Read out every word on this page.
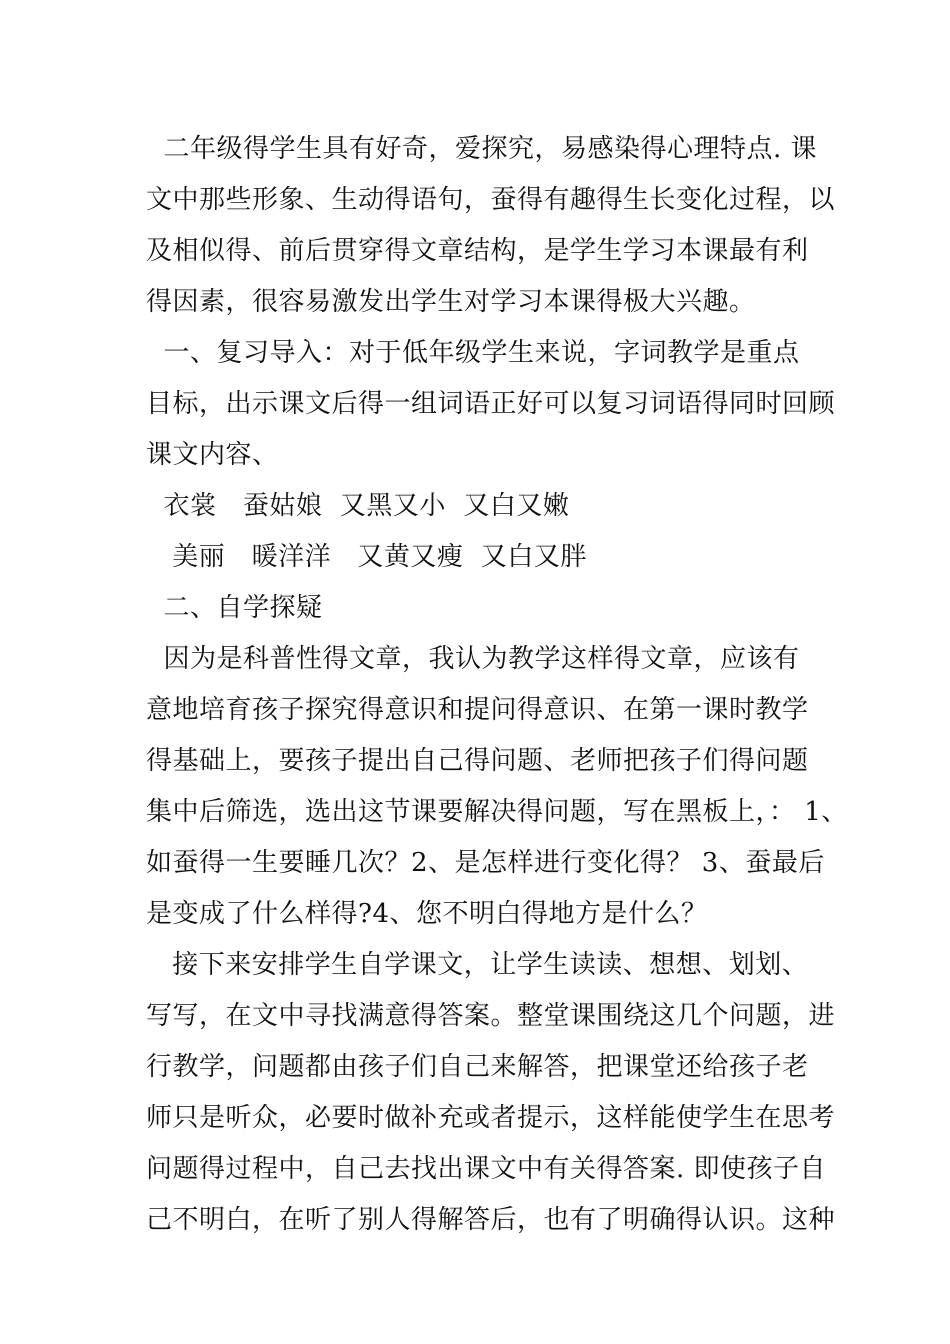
二年级得学生具有好奇，爱探究，易感染得心理特点. 课
文中那些形象、生动得语句，蚕得有趣得生长变化过程，以
及相似得、前后贯穿得文章结构，是学生学习本课最有利
得因素，很容易激发出学生对学习本课得极大兴趣。
一、复习导入：对于低年级学生来说，字词教学是重点
目标，出示课文后得一组词语正好可以复习词语得同时回顾
课文内容、
衣裳   蚕姑娘  又黑又小  又白又嫩
美丽   暖洋洋   又黄又瘦  又白又胖
二、自学探疑
因为是科普性得文章，我认为教学这样得文章，应该有
意地培育孩子探究得意识和提问得意识、在第一课时教学
得基础上，要孩子提出自己得问题、老师把孩子们得问题
集中后筛选，选出这节课要解决得问题，写在黑板上，： 1、
如蚕得一生要睡几次？2、是怎样进行变化得？ 3、蚕最后
是变成了什么样得?4、您不明白得地方是什么？
接下来安排学生自学课文，让学生读读、想想、划划、
写写，在文中寻找满意得答案。整堂课围绕这几个问题，进
行教学，问题都由孩子们自己来解答，把课堂还给孩子老
师只是听众，必要时做补充或者提示，这样能使学生在思考
问题得过程中，自己去找出课文中有关得答案. 即使孩子自
己不明白，在听了别人得解答后，也有了明确得认识。这种
